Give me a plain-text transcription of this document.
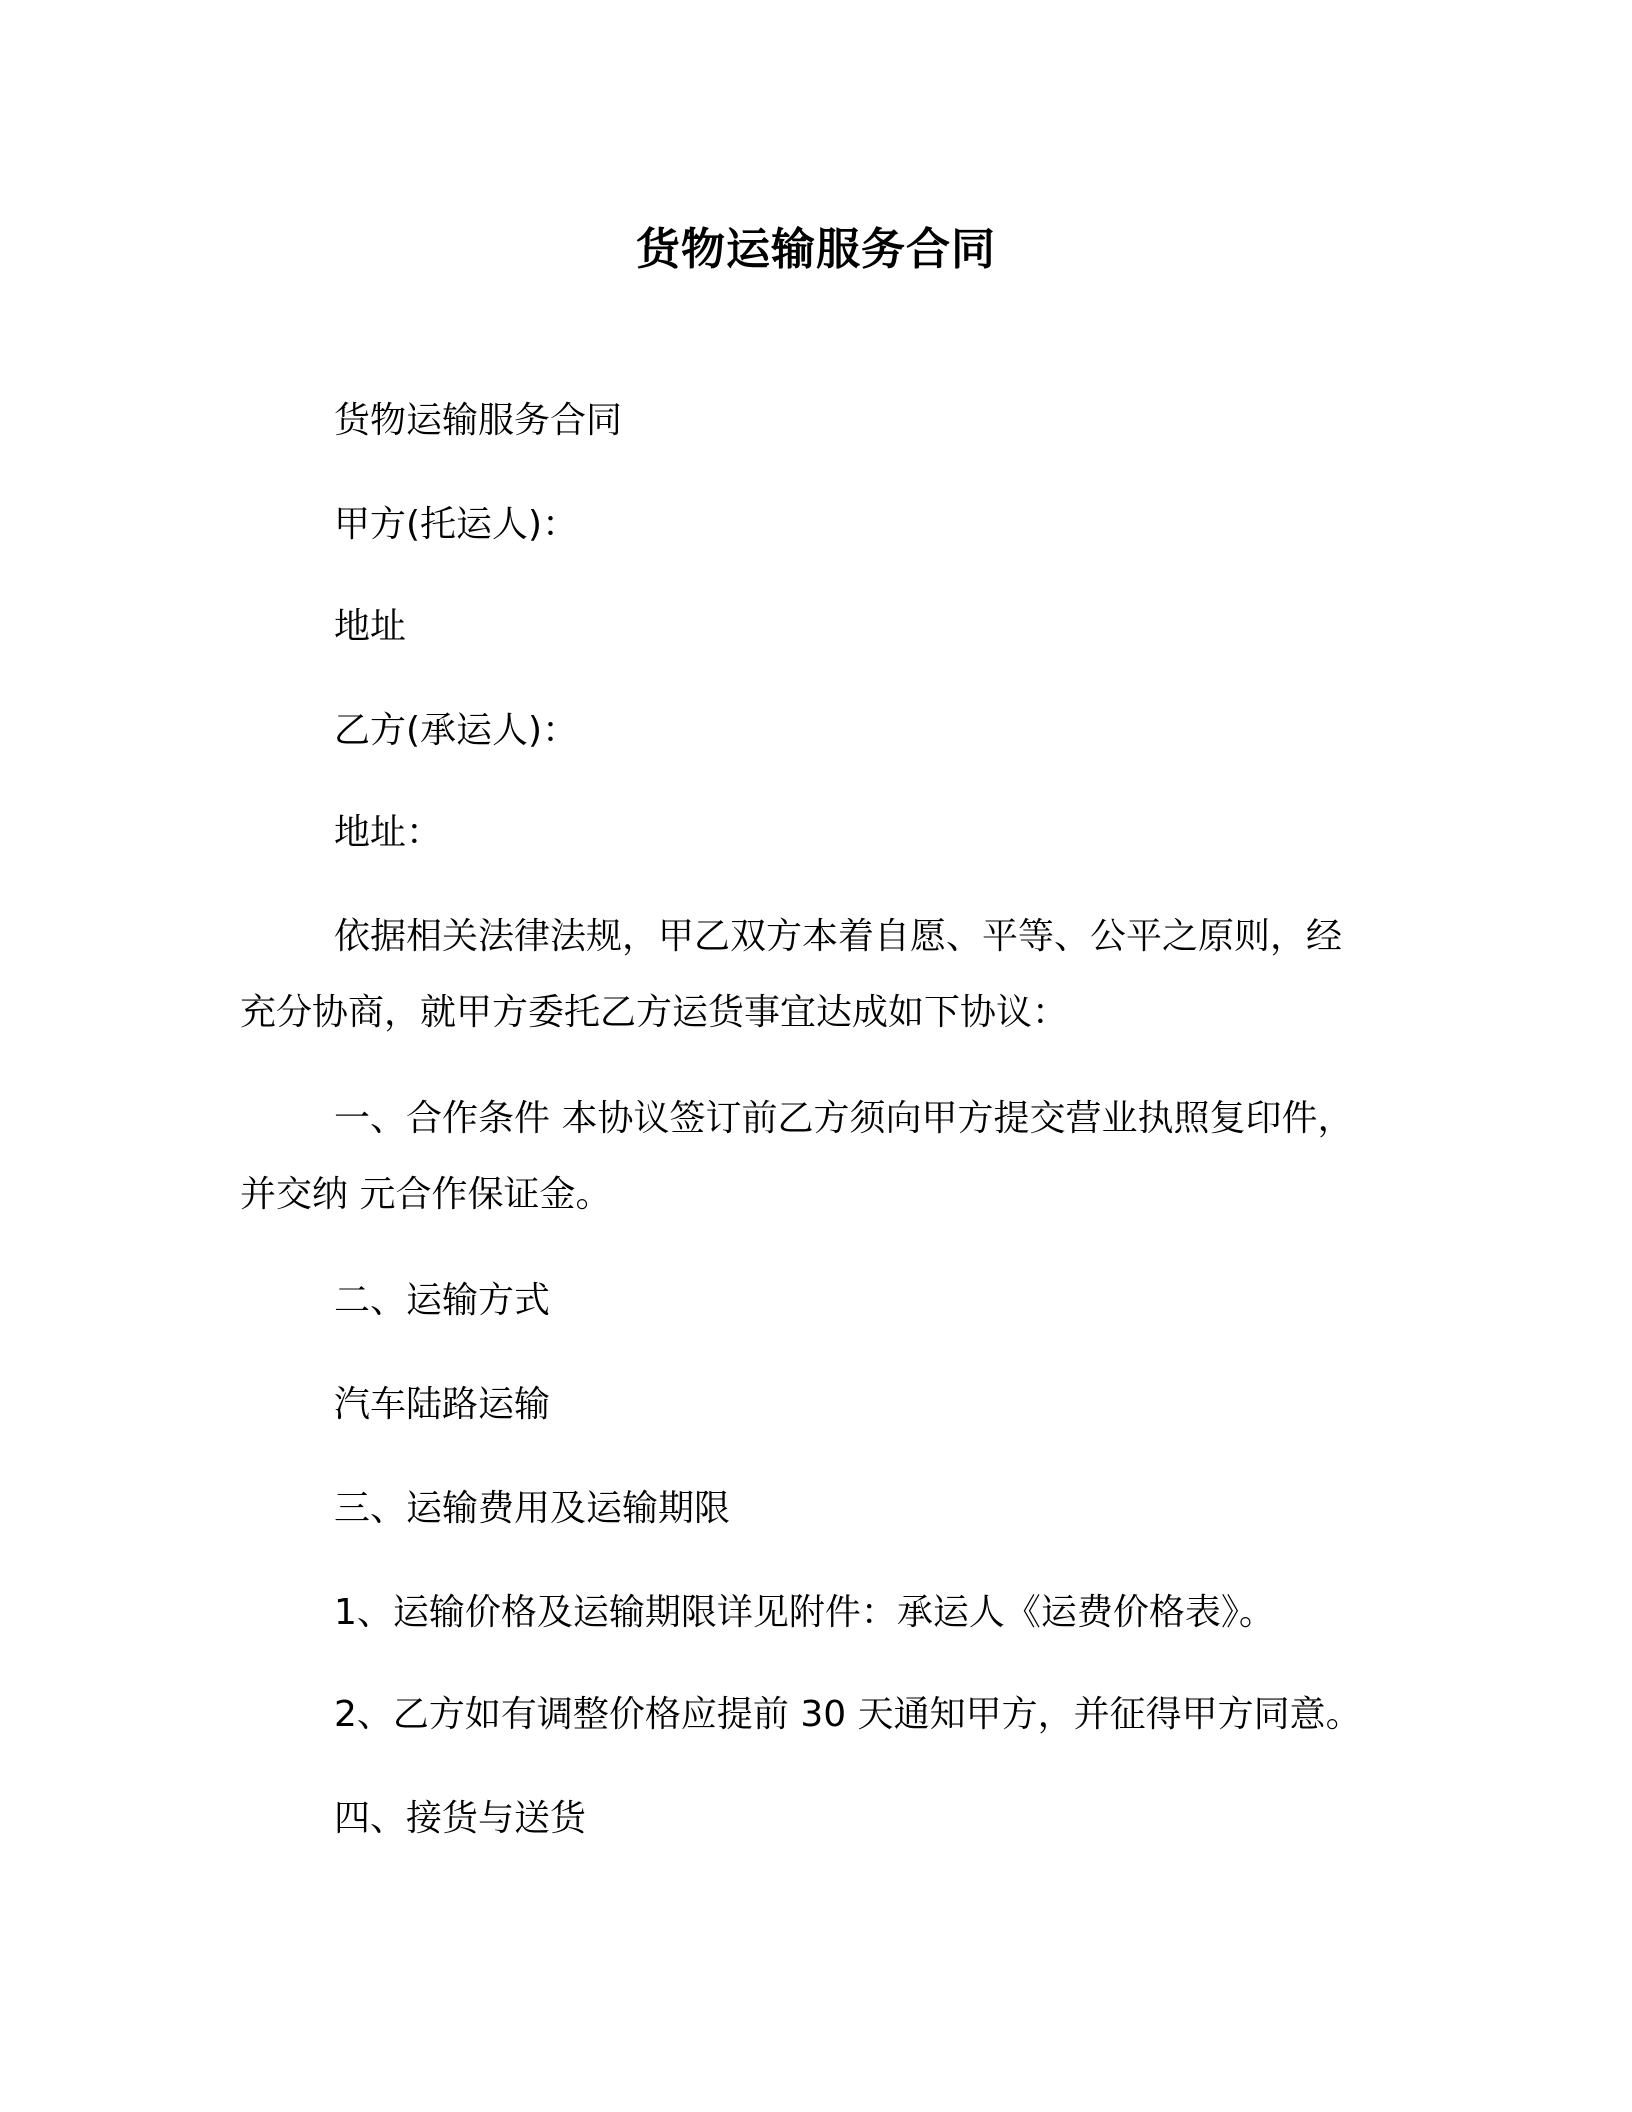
货物运输服务合同
货物运输服务合同
甲方(托运人)：
地址
乙方(承运人)：
地址：
依据相关法律法规，甲乙双方本着自愿、平等、公平之原则，经
充分协商，就甲方委托乙方运货事宜达成如下协议：
一、合作条件 本协议签订前乙方须向甲方提交营业执照复印件，
并交纳 元合作保证金。
二、运输方式
汽车陆路运输
三、运输费用及运输期限
1、运输价格及运输期限详见附件：承运人《运费价格表》。
2、乙方如有调整价格应提前 30 天通知甲方，并征得甲方同意。
四、接货与送货
